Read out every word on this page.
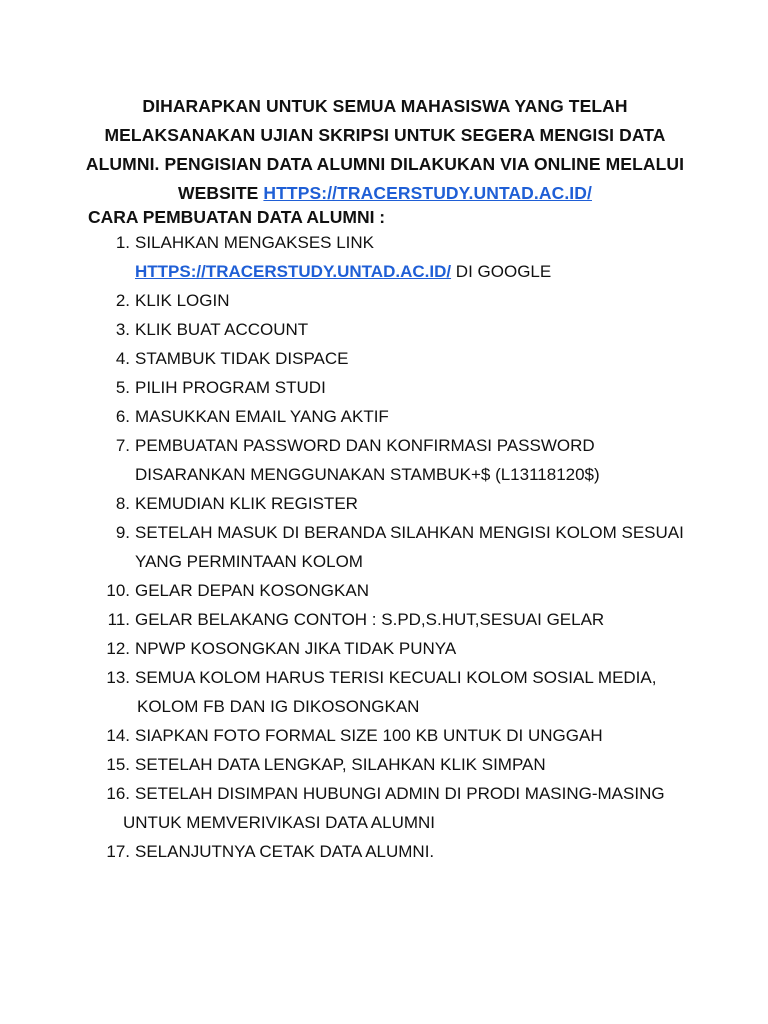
DIHARAPKAN UNTUK SEMUA MAHASISWA YANG TELAH
MELAKSANAKAN UJIAN SKRIPSI UNTUK SEGERA MENGISI DATA
ALUMNI. PENGISIAN DATA ALUMNI DILAKUKAN VIA ONLINE MELALUI
WEBSITE HTTPS://TRACERSTUDY.UNTAD.AC.ID/
CARA PEMBUATAN DATA ALUMNI :
1. SILAHKAN MENGAKSES LINK
HTTPS://TRACERSTUDY.UNTAD.AC.ID/ DI GOOGLE
2. KLIK LOGIN
3. KLIK BUAT ACCOUNT
4. STAMBUK TIDAK DISPACE
5. PILIH PROGRAM STUDI
6. MASUKKAN EMAIL YANG AKTIF
7. PEMBUATAN PASSWORD DAN KONFIRMASI PASSWORD
DISARANKAN MENGGUNAKAN STAMBUK+$ (L13118120$)
8. KEMUDIAN KLIK REGISTER
9. SETELAH MASUK DI BERANDA SILAHKAN MENGISI KOLOM SESUAI
YANG PERMINTAAN KOLOM
10. GELAR DEPAN KOSONGKAN
11. GELAR BELAKANG CONTOH : S.PD,S.HUT,SESUAI GELAR
12. NPWP KOSONGKAN JIKA TIDAK PUNYA
13. SEMUA KOLOM HARUS TERISI KECUALI KOLOM SOSIAL MEDIA,
KOLOM FB DAN IG DIKOSONGKAN
14. SIAPKAN FOTO FORMAL SIZE 100 KB UNTUK DI UNGGAH
15. SETELAH DATA LENGKAP, SILAHKAN KLIK SIMPAN
16. SETELAH DISIMPAN HUBUNGI ADMIN DI PRODI MASING-MASING
UNTUK MEMVERIVIKASI DATA ALUMNI
17. SELANJUTNYA CETAK DATA ALUMNI.
